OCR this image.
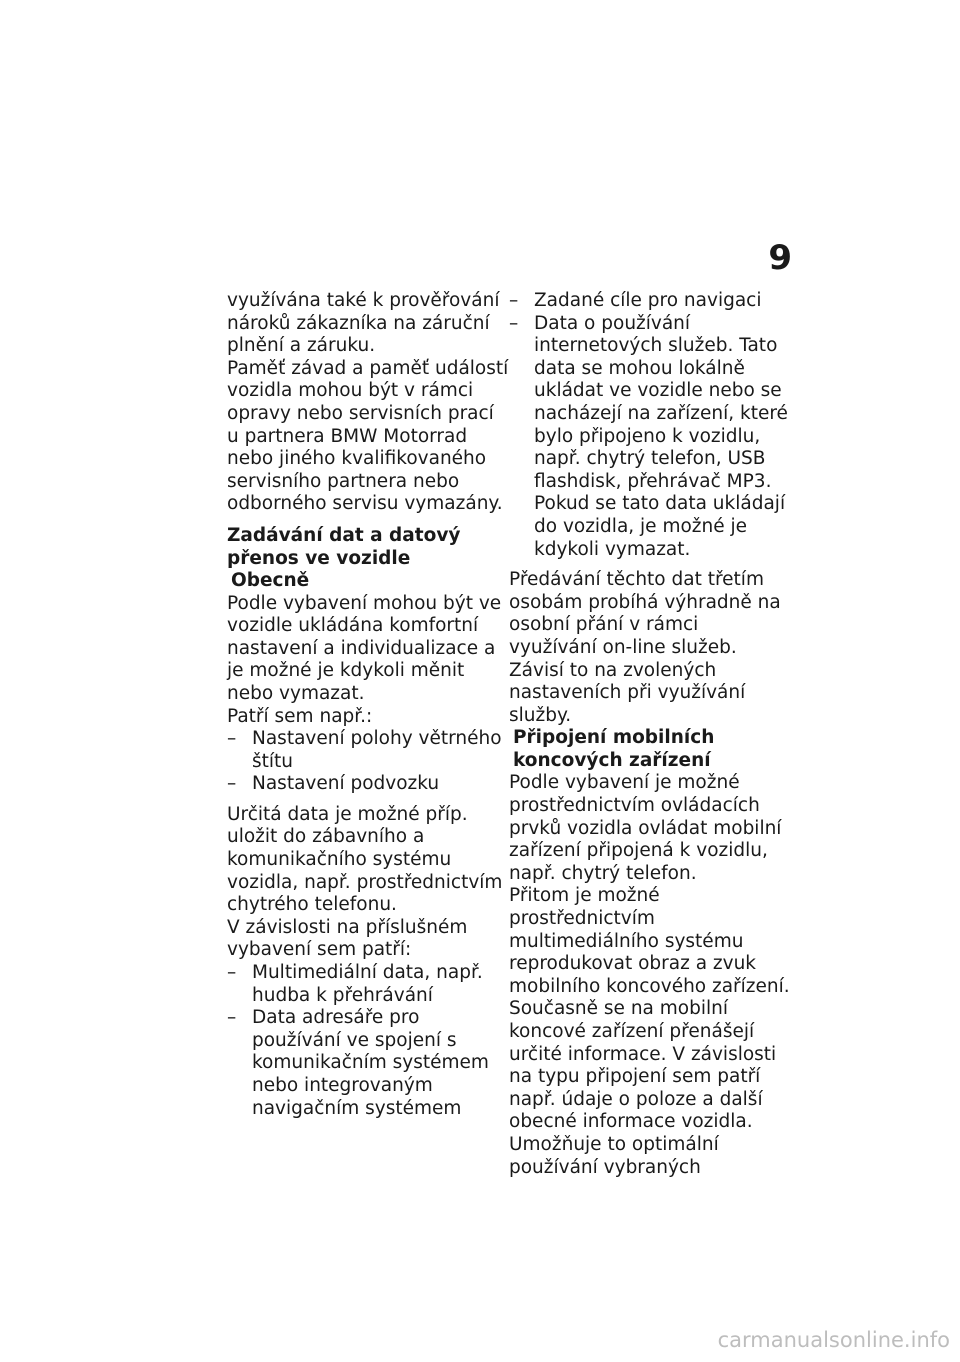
9

využívána také k prověřování nároků zákazníka na záruční plnění a záruku.

Paměť závad a paměť událostí vozidla mohou být v rámci opravy nebo servisních prací u partnera BMW Motorrad nebo jiného kvalifikovaného servisního partnera nebo odborného servisu vymazány.

Zadávání dat a datový přenos ve vozidle

Obecně

Podle vybavení mohou být ve vozidle ukládána komfortní nastavení a individualizace a je možné je kdykoli měnit nebo vymazat.

Patří sem např.:

– Nastavení polohy větrného štítu
– Nastavení podvozku

Určitá data je možné příp. uložit do zábavního a komunikačního systému vozidla, např. prostřednictvím chytrého telefonu.

V závislosti na příslušném vybavení sem patří:

– Multimediální data, např. hudba k přehrávání
– Data adresáře pro používání ve spojení s komunikačním systémem nebo integrovaným navigačním systémem
– Zadané cíle pro navigaci
– Data o používání internetových služeb. Tato data se mohou lokálně ukládat ve vozidle nebo se nacházejí na zařízení, které bylo připojeno k vozidlu, např. chytrý telefon, USB flashdisk, přehrávač MP3. Pokud se tato data ukládají do vozidla, je možné je kdykoli vymazat.

Předávání těchto dat třetím osobám probíhá výhradně na osobní přání v rámci využívání on-line služeb. Závisí to na zvolených nastaveních při využívání služby.

Připojení mobilních koncových zařízení

Podle vybavení je možné prostřednictvím ovládacích prvků vozidla ovládat mobilní zařízení připojená k vozidlu, např. chytrý telefon.

Přitom je možné prostřednictvím multimediálního systému reprodukovat obraz a zvuk mobilního koncového zařízení. Současně se na mobilní koncové zařízení přenášejí určité informace. V závislosti na typu připojení sem patří např. údaje o poloze a další obecné informace vozidla. Umožňuje to optimální používání vybraných

carmanualsonline.info
